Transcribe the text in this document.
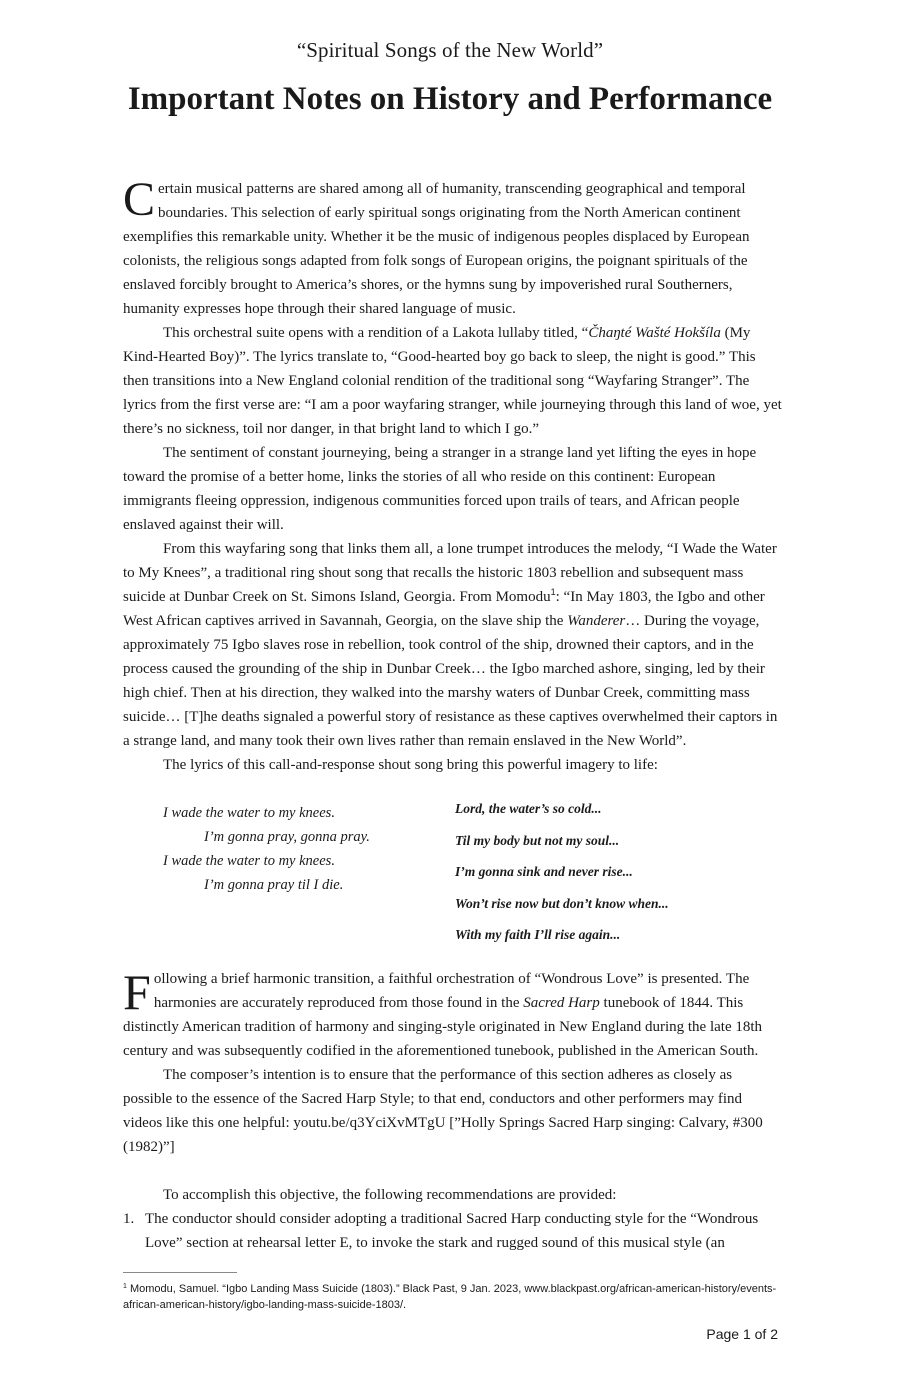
“Spiritual Songs of the New World”
Important Notes on History and Performance

Certain musical patterns are shared among all of humanity, transcending geographical and temporal boundaries. This selection of early spiritual songs originating from the North American continent exemplifies this remarkable unity. Whether it be the music of indigenous peoples displaced by European colonists, the religious songs adapted from folk songs of European origins, the poignant spirituals of the enslaved forcibly brought to America’s shores, or the hymns sung by impoverished rural Southerners, humanity expresses hope through their shared language of music.

This orchestral suite opens with a rendition of a Lakota lullaby titled, “Čhaŋté Wašté Hokšíla (My Kind-Hearted Boy)”. The lyrics translate to, “Good-hearted boy go back to sleep, the night is good.” This then transitions into a New England colonial rendition of the traditional song “Wayfaring Stranger”. The lyrics from the first verse are: “I am a poor wayfaring stranger, while journeying through this land of woe, yet there’s no sickness, toil nor danger, in that bright land to which I go.”

The sentiment of constant journeying, being a stranger in a strange land yet lifting the eyes in hope toward the promise of a better home, links the stories of all who reside on this continent: European immigrants fleeing oppression, indigenous communities forced upon trails of tears, and African people enslaved against their will.

From this wayfaring song that links them all, a lone trumpet introduces the melody, “I Wade the Water to My Knees”, a traditional ring shout song that recalls the historic 1803 rebellion and subsequent mass suicide at Dunbar Creek on St. Simons Island, Georgia. From Momodu$^1$: “In May 1803, the Igbo and other West African captives arrived in Savannah, Georgia, on the slave ship the Wanderer… During the voyage, approximately 75 Igbo slaves rose in rebellion, took control of the ship, drowned their captors, and in the process caused the grounding of the ship in Dunbar Creek… the Igbo marched ashore, singing, led by their high chief. Then at his direction, they walked into the marshy waters of Dunbar Creek, committing mass suicide… [T]he deaths signaled a powerful story of resistance as these captives overwhelmed their captors in a strange land, and many took their own lives rather than remain enslaved in the New World”.

The lyrics of this call-and-response shout song bring this powerful imagery to life:

I wade the water to my knees.
I’m gonna pray, gonna pray.
I wade the water to my knees.
I’m gonna pray til I die.
Lord, the water’s so cold...
Til my body but not my soul...
I’m gonna sink and never rise...
Won’t rise now but don’t know when...
With my faith I’ll rise again...

Following a brief harmonic transition, a faithful orchestration of “Wondrous Love” is presented. The harmonies are accurately reproduced from those found in the Sacred Harp tunebook of 1844. This distinctly American tradition of harmony and singing-style originated in New England during the late 18th century and was subsequently codified in the aforementioned tunebook, published in the American South.

The composer’s intention is to ensure that the performance of this section adheres as closely as possible to the essence of the Sacred Harp Style; to that end, conductors and other performers may find videos like this one helpful: youtu.be/q3YciXvMTgU [”Holly Springs Sacred Harp singing: Calvary, #300 (1982)”]

To accomplish this objective, the following recommendations are provided:

1. The conductor should consider adopting a traditional Sacred Harp conducting style for the “Wondrous Love” section at rehearsal letter E, to invoke the stark and rugged sound of this musical style (an
$^1$ Momodu, Samuel. “Igbo Landing Mass Suicide (1803).” Black Past, 9 Jan. 2023, www.blackpast.org/african-american-history/events-african-american-history/igbo-landing-mass-suicide-1803/.
Page 1 of 2
